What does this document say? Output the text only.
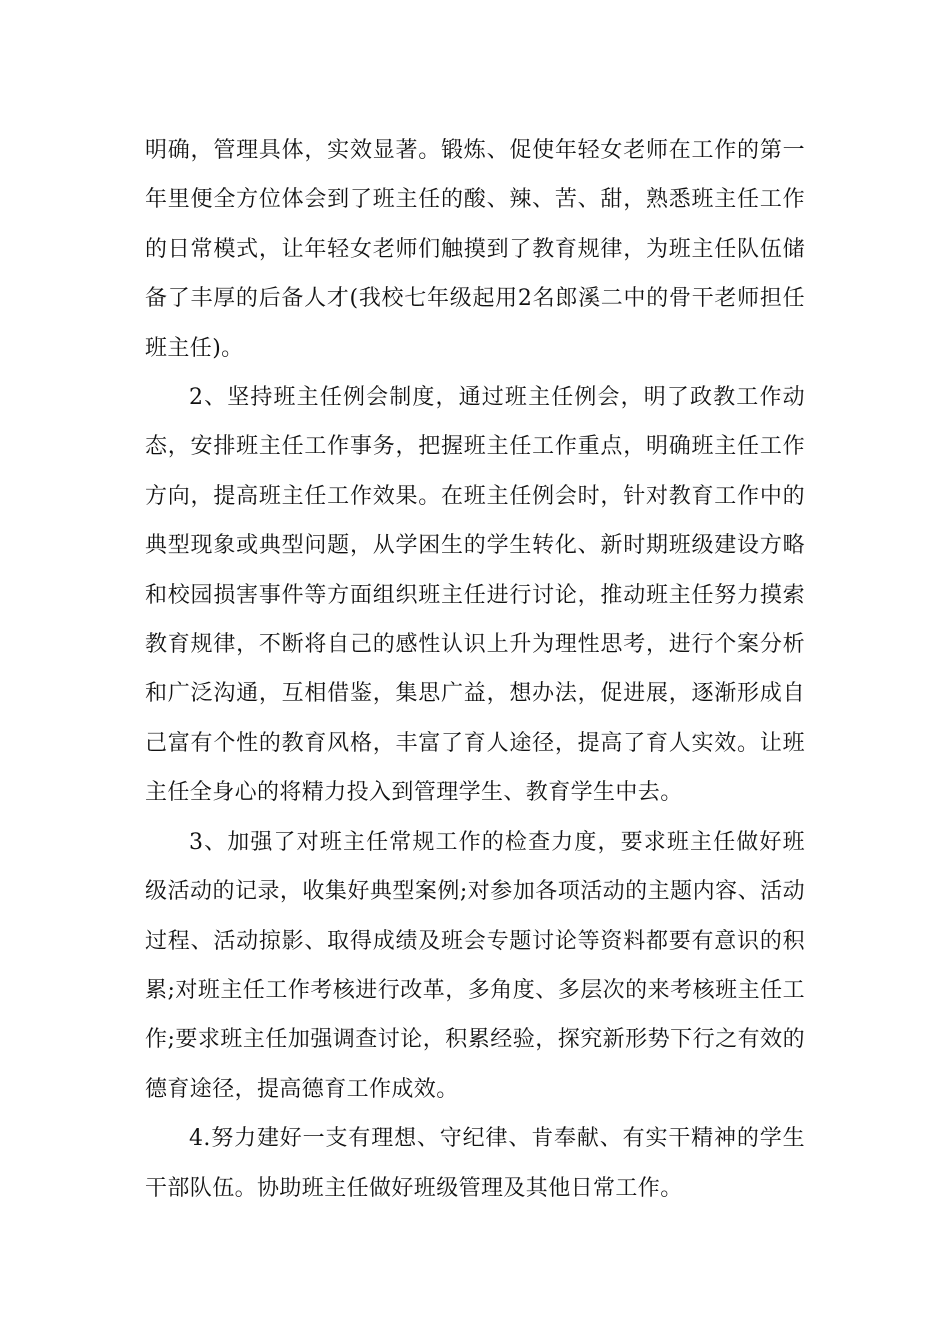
明确，管理具体，实效显著。锻炼、促使年轻女老师在工作的第一年里便全方位体会到了班主任的酸、辣、苦、甜，熟悉班主任工作的日常模式，让年轻女老师们触摸到了教育规律，为班主任队伍储备了丰厚的后备人才(我校七年级起用2名郎溪二中的骨干老师担任班主任)。

2、坚持班主任例会制度，通过班主任例会，明了政教工作动态，安排班主任工作事务，把握班主任工作重点，明确班主任工作方向，提高班主任工作效果。在班主任例会时，针对教育工作中的典型现象或典型问题，从学困生的学生转化、新时期班级建设方略和校园损害事件等方面组织班主任进行讨论，推动班主任努力摸索教育规律，不断将自己的感性认识上升为理性思考，进行个案分析和广泛沟通，互相借鉴，集思广益，想办法，促进展，逐渐形成自己富有个性的教育风格，丰富了育人途径，提高了育人实效。让班主任全身心的将精力投入到管理学生、教育学生中去。

3、加强了对班主任常规工作的检查力度，要求班主任做好班级活动的记录，收集好典型案例;对参加各项活动的主题内容、活动过程、活动掠影、取得成绩及班会专题讨论等资料都要有意识的积累;对班主任工作考核进行改革，多角度、多层次的来考核班主任工作;要求班主任加强调查讨论，积累经验，探究新形势下行之有效的德育途径，提高德育工作成效。

4.努力建好一支有理想、守纪律、肯奉献、有实干精神的学生干部队伍。协助班主任做好班级管理及其他日常工作。
